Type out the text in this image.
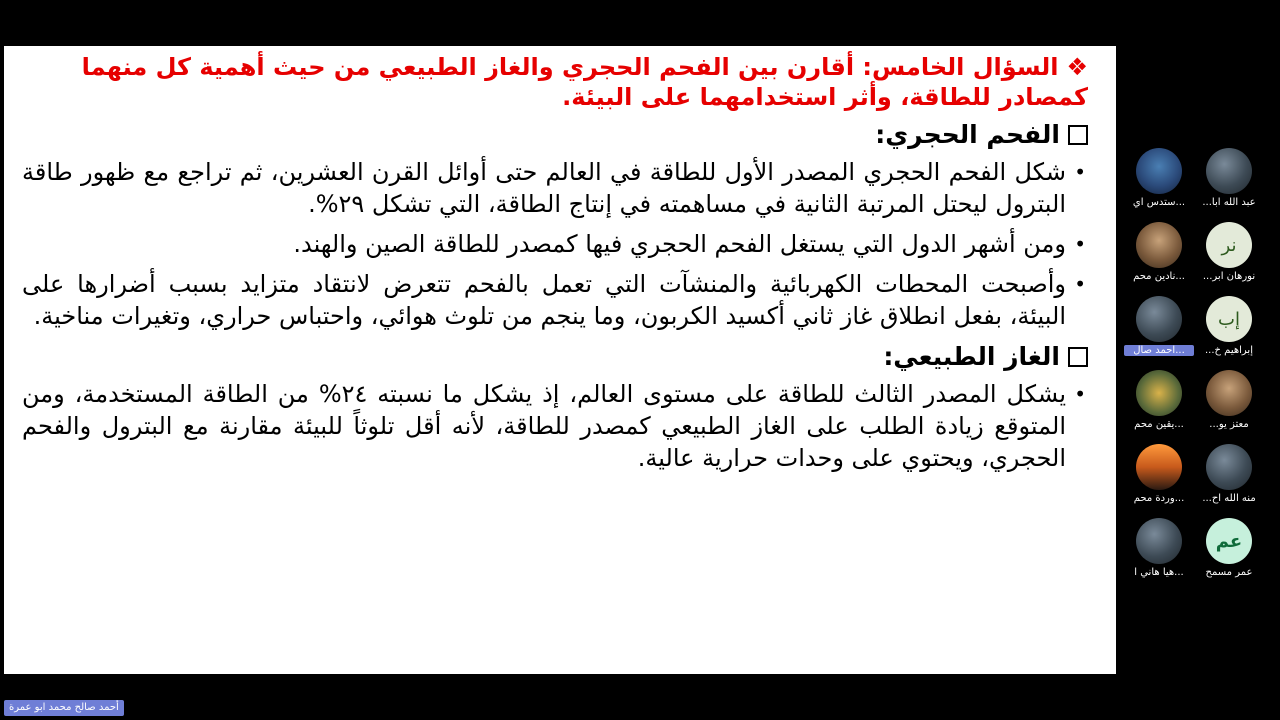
❖السؤال الخامس: أقارن بين الفحم الحجري والغاز الطبيعي من حيث أهمية كل منهما كمصادر للطاقة، وأثر استخدامهما على البيئة.
الفحم الحجري:
• شكل الفحم الحجري المصدر الأول للطاقة في العالم حتى أوائل القرن العشرين، ثم تراجع مع ظهور طاقة البترول ليحتل المرتبة الثانية في مساهمته في إنتاج الطاقة، التي تشكل ٢٩%.
• ومن أشهر الدول التي يستغل الفحم الحجري فيها كمصدر للطاقة الصين والهند.
• وأصبحت المحطات الكهربائية والمنشآت التي تعمل بالفحم تتعرض لانتقاد متزايد بسبب أضرارها على البيئة، بفعل انطلاق غاز ثاني أكسيد الكربون، وما ينجم من تلوث هوائي، واحتباس حراري، وتغيرات مناخية.
الغاز الطبيعي:
• يشكل المصدر الثالث للطاقة على مستوى العالم، إذ يشكل ما نسبته ٢٤% من الطاقة المستخدمة، ومن المتوقع زيادة الطلب على الغاز الطبيعي كمصدر للطاقة، لأنه أقل تلوثاً للبيئة مقارنة مع البترول والفحم الحجري، ويحتوي على وحدات حرارية عالية.
عبد الله ابا...
...ستدس اي
نر
نورهان ابر...
...نادين محم
إب
إبراهيم خ...
...احمد صال
معتز يو...
...يقين محم
منه الله اح...
...وردة محم
عم
عمر مسمح
...هيا هاني ا
أحمد صالح محمد ابو عمرة
